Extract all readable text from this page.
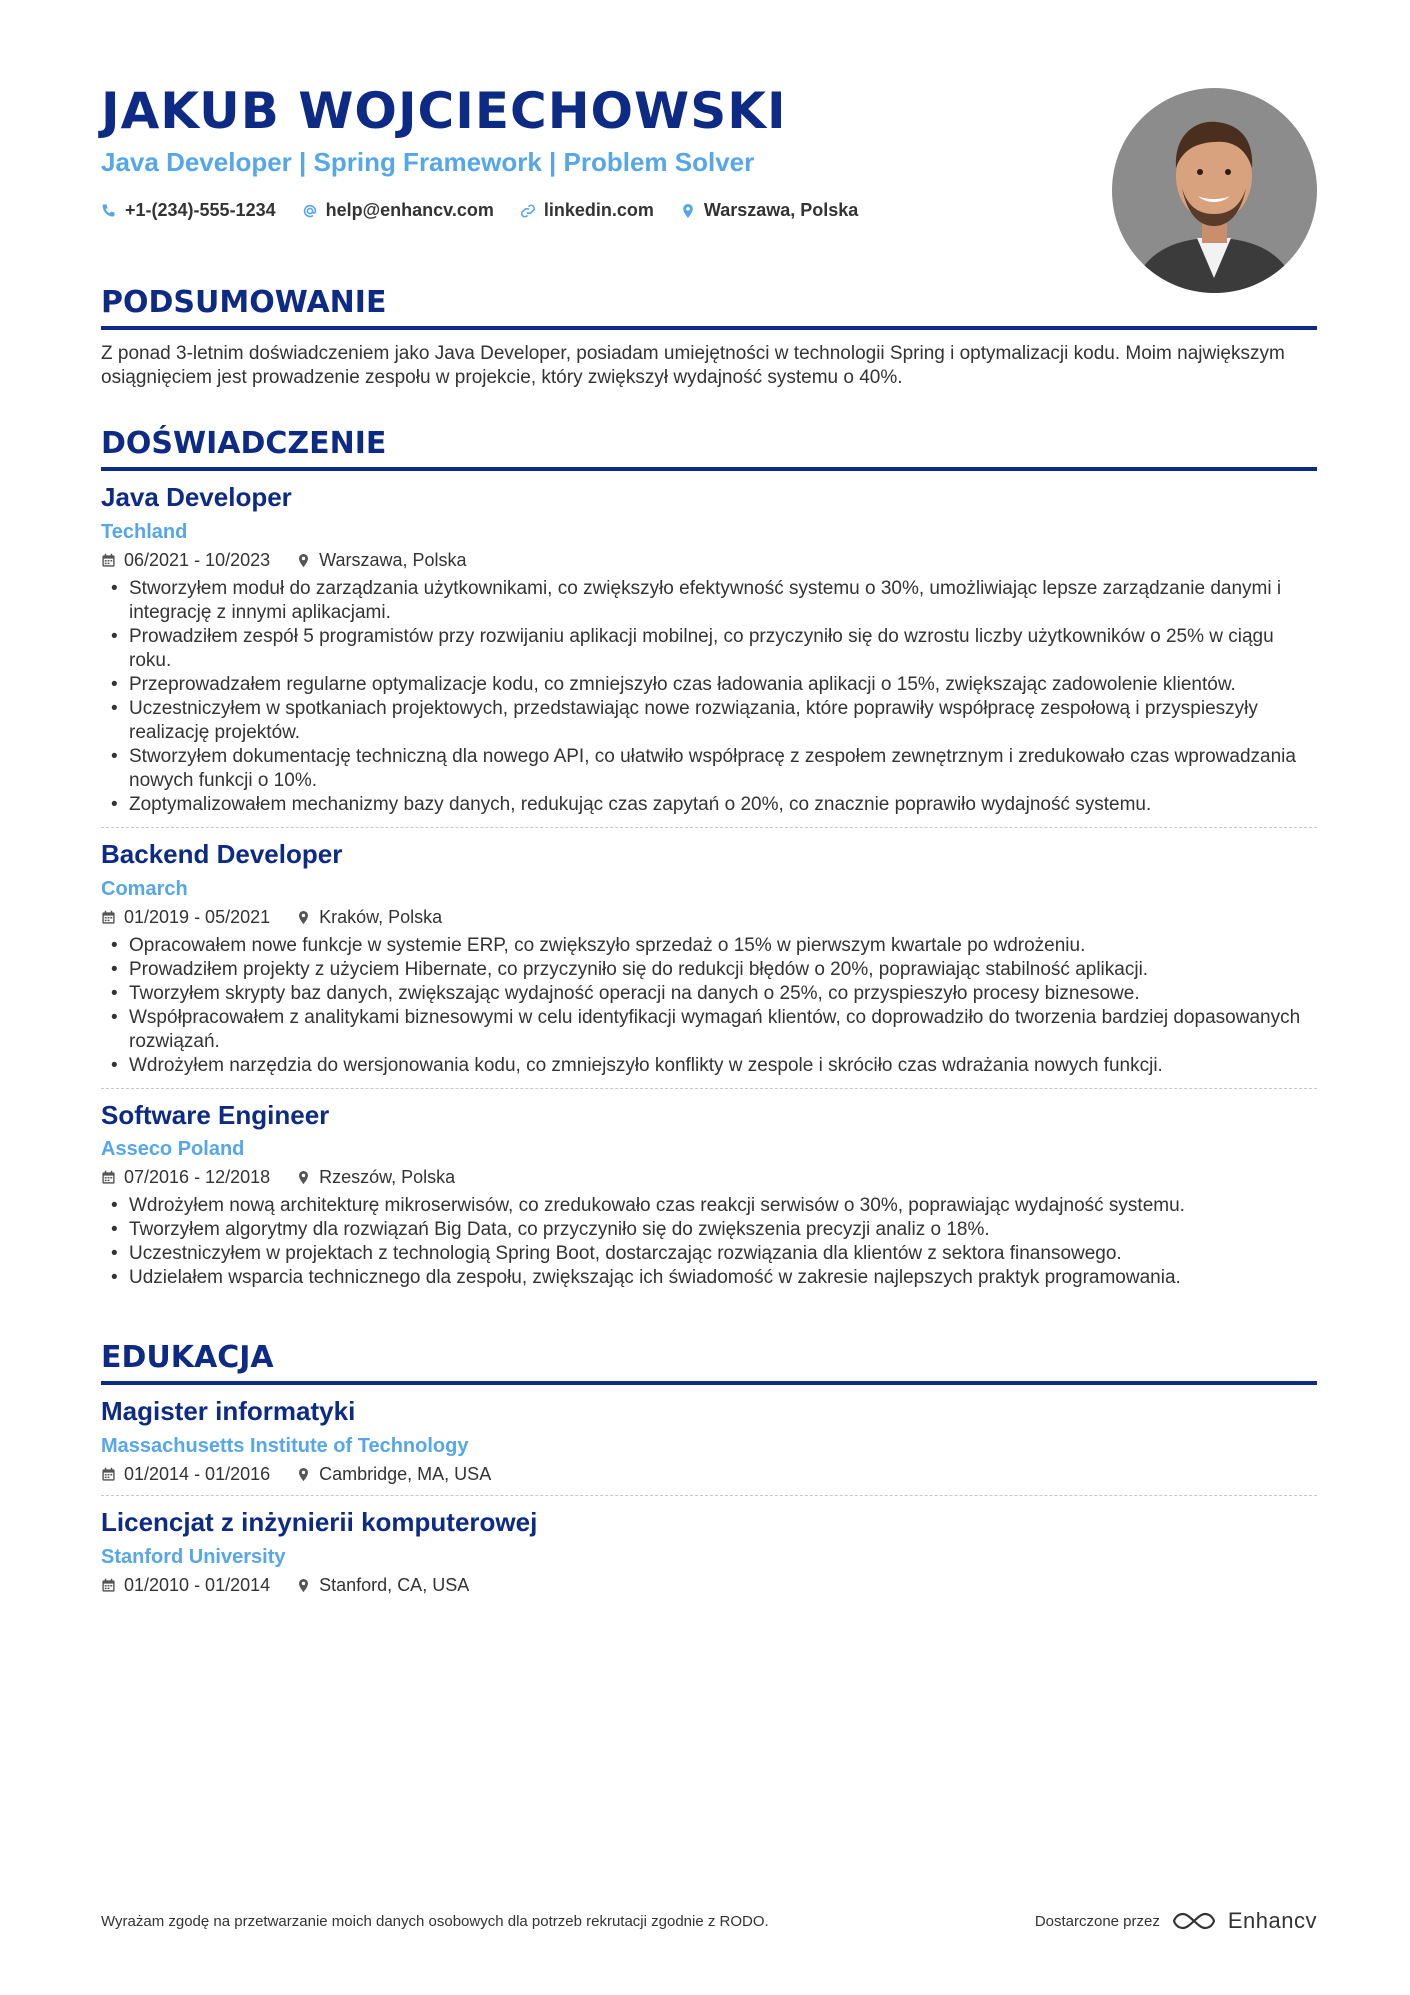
JAKUB WOJCIECHOWSKI
Java Developer | Spring Framework | Problem Solver
+1-(234)-555-1234	help@enhancv.com	linkedin.com	Warszawa, Polska
PODSUMOWANIE
Z ponad 3-letnim doświadczeniem jako Java Developer, posiadam umiejętności w technologii Spring i optymalizacji kodu. Moim największym osiągnięciem jest prowadzenie zespołu w projekcie, który zwiększył wydajność systemu o 40%.
DOŚWIADCZENIE
Java Developer
Techland
06/2021 - 10/2023	Warszawa, Polska
• Stworzyłem moduł do zarządzania użytkownikami, co zwiększyło efektywność systemu o 30%, umożliwiając lepsze zarządzanie danymi i integrację z innymi aplikacjami.
• Prowadziłem zespół 5 programistów przy rozwijaniu aplikacji mobilnej, co przyczyniło się do wzrostu liczby użytkowników o 25% w ciągu roku.
• Przeprowadzałem regularne optymalizacje kodu, co zmniejszyło czas ładowania aplikacji o 15%, zwiększając zadowolenie klientów.
• Uczestniczyłem w spotkaniach projektowych, przedstawiając nowe rozwiązania, które poprawiły współpracę zespołową i przyspieszyły realizację projektów.
• Stworzyłem dokumentację techniczną dla nowego API, co ułatwiło współpracę z zespołem zewnętrznym i zredukowało czas wprowadzania nowych funkcji o 10%.
• Zoptymalizowałem mechanizmy bazy danych, redukując czas zapytań o 20%, co znacznie poprawiło wydajność systemu.
Backend Developer
Comarch
01/2019 - 05/2021	Kraków, Polska
• Opracowałem nowe funkcje w systemie ERP, co zwiększyło sprzedaż o 15% w pierwszym kwartale po wdrożeniu.
• Prowadziłem projekty z użyciem Hibernate, co przyczyniło się do redukcji błędów o 20%, poprawiając stabilność aplikacji.
• Tworzyłem skrypty baz danych, zwiększając wydajność operacji na danych o 25%, co przyspieszyło procesy biznesowe.
• Współpracowałem z analitykami biznesowymi w celu identyfikacji wymagań klientów, co doprowadziło do tworzenia bardziej dopasowanych rozwiązań.
• Wdrożyłem narzędzia do wersjonowania kodu, co zmniejszyło konflikty w zespole i skróciło czas wdrażania nowych funkcji.
Software Engineer
Asseco Poland
07/2016 - 12/2018	Rzeszów, Polska
• Wdrożyłem nową architekturę mikroserwisów, co zredukowało czas reakcji serwisów o 30%, poprawiając wydajność systemu.
• Tworzyłem algorytmy dla rozwiązań Big Data, co przyczyniło się do zwiększenia precyzji analiz o 18%.
• Uczestniczyłem w projektach z technologią Spring Boot, dostarczając rozwiązania dla klientów z sektora finansowego.
• Udzielałem wsparcia technicznego dla zespołu, zwiększając ich świadomość w zakresie najlepszych praktyk programowania.
EDUKACJA
Magister informatyki
Massachusetts Institute of Technology
01/2014 - 01/2016	Cambridge, MA, USA
Licencjat z inżynierii komputerowej
Stanford University
01/2010 - 01/2014	Stanford, CA, USA
Wyrażam zgodę na przetwarzanie moich danych osobowych dla potrzeb rekrutacji zgodnie z RODO.	Dostarczone przez	Enhancv
